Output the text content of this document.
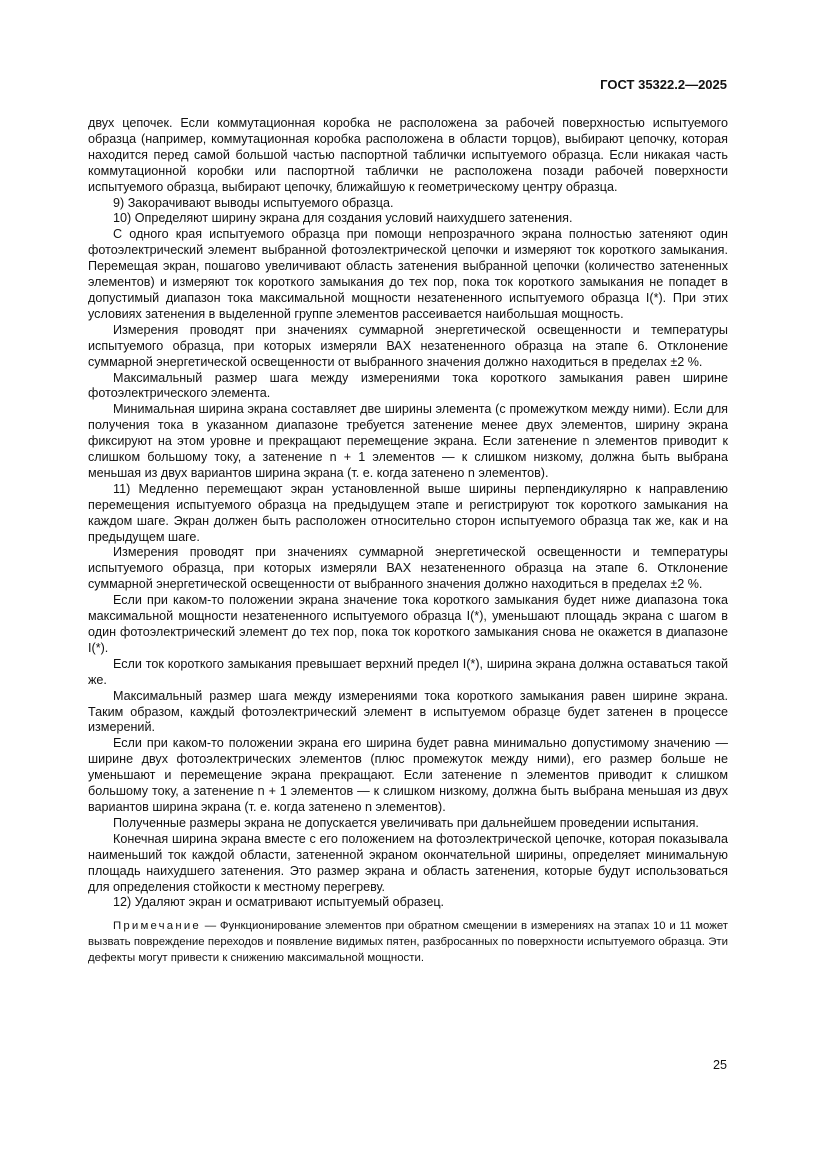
ГОСТ 35322.2—2025

двух цепочек. Если коммутационная коробка не расположена за рабочей поверхностью испытуемого образца (например, коммутационная коробка расположена в области торцов), выбирают цепочку, которая находится перед самой большой частью паспортной таблички испытуемого образца. Если никакая часть коммутационной коробки или паспортной таблички не расположена позади рабочей поверхности испытуемого образца, выбирают цепочку, ближайшую к геометрическому центру образца.

9) Закорачивают выводы испытуемого образца.

10) Определяют ширину экрана для создания условий наихудшего затенения.

С одного края испытуемого образца при помощи непрозрачного экрана полностью затеняют один фотоэлектрический элемент выбранной фотоэлектрической цепочки и измеряют ток короткого замыкания. Перемещая экран, пошагово увеличивают область затенения выбранной цепочки (количество затененных элементов) и измеряют ток короткого замыкания до тех пор, пока ток короткого замыкания не попадет в допустимый диапазон тока максимальной мощности незатененного испытуемого образца I(*). При этих условиях затенения в выделенной группе элементов рассеивается наибольшая мощность.

Измерения проводят при значениях суммарной энергетической освещенности и температуры испытуемого образца, при которых измеряли ВАХ незатененного образца на этапе 6. Отклонение суммарной энергетической освещенности от выбранного значения должно находиться в пределах ±2 %.

Максимальный размер шага между измерениями тока короткого замыкания равен ширине фотоэлектрического элемента.

Минимальная ширина экрана составляет две ширины элемента (с промежутком между ними). Если для получения тока в указанном диапазоне требуется затенение менее двух элементов, ширину экрана фиксируют на этом уровне и прекращают перемещение экрана. Если затенение n элементов приводит к слишком большому току, а затенение n + 1 элементов — к слишком низкому, должна быть выбрана меньшая из двух вариантов ширина экрана (т. е. когда затенено n элементов).

11) Медленно перемещают экран установленной выше ширины перпендикулярно к направлению перемещения испытуемого образца на предыдущем этапе и регистрируют ток короткого замыкания на каждом шаге. Экран должен быть расположен относительно сторон испытуемого образца так же, как и на предыдущем шаге.

Измерения проводят при значениях суммарной энергетической освещенности и температуры испытуемого образца, при которых измеряли ВАХ незатененного образца на этапе 6. Отклонение суммарной энергетической освещенности от выбранного значения должно находиться в пределах ±2 %.

Если при каком-то положении экрана значение тока короткого замыкания будет ниже диапазона тока максимальной мощности незатененного испытуемого образца I(*), уменьшают площадь экрана с шагом в один фотоэлектрический элемент до тех пор, пока ток короткого замыкания снова не окажется в диапазоне I(*).

Если ток короткого замыкания превышает верхний предел I(*), ширина экрана должна оставаться такой же.

Максимальный размер шага между измерениями тока короткого замыкания равен ширине экрана. Таким образом, каждый фотоэлектрический элемент в испытуемом образце будет затенен в процессе измерений.

Если при каком-то положении экрана его ширина будет равна минимально допустимому значению — ширине двух фотоэлектрических элементов (плюс промежуток между ними), его размер больше не уменьшают и перемещение экрана прекращают. Если затенение n элементов приводит к слишком большому току, а затенение n + 1 элементов — к слишком низкому, должна быть выбрана меньшая из двух вариантов ширина экрана (т. е. когда затенено n элементов).

Полученные размеры экрана не допускается увеличивать при дальнейшем проведении испытания.

Конечная ширина экрана вместе с его положением на фотоэлектрической цепочке, которая показывала наименьший ток каждой области, затененной экраном окончательной ширины, определяет минимальную площадь наихудшего затенения. Это размер экрана и область затенения, которые будут использоваться для определения стойкости к местному перегреву.

12) Удаляют экран и осматривают испытуемый образец.

Примечание — Функционирование элементов при обратном смещении в измерениях на этапах 10 и 11 может вызвать повреждение переходов и появление видимых пятен, разбросанных по поверхности испытуемого образца. Эти дефекты могут привести к снижению максимальной мощности.

25
